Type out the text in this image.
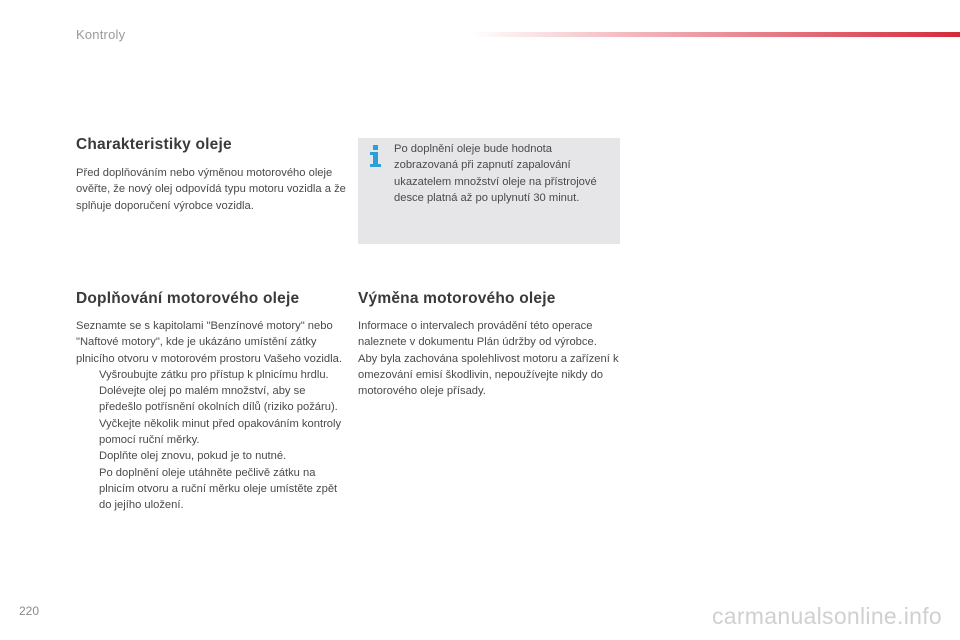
Kontroly
Charakteristiky oleje

Před doplňováním nebo výměnou motorového oleje ověřte, že nový olej odpovídá typu motoru vozidla a že splňuje doporučení výrobce vozidla.

Po doplnění oleje bude hodnota zobrazovaná při zapnutí zapalování ukazatelem množství oleje na přístrojové desce platná až po uplynutí 30 minut.

Doplňování motorového oleje

Seznamte se s kapitolami "Benzínové motory" nebo "Naftové motory", kde je ukázáno umístění zátky plnicího otvoru v motorovém prostoru Vašeho vozidla.

Vyšroubujte zátku pro přístup k plnicímu hrdlu.
Dolévejte olej po malém množství, aby se předešlo potřísnění okolních dílů (riziko požáru).
Vyčkejte několik minut před opakováním kontroly pomocí ruční měrky.
Doplňte olej znovu, pokud je to nutné.
Po doplnění oleje utáhněte pečlivě zátku na plnicím otvoru a ruční měrku oleje umístěte zpět do jejího uložení.
Výměna motorového oleje

Informace o intervalech provádění této operace naleznete v dokumentu Plán údržby od výrobce.

Aby byla zachována spolehlivost motoru a zařízení k omezování emisí škodlivin, nepoužívejte nikdy do motorového oleje přísady.

220	carmanualsonline.info
